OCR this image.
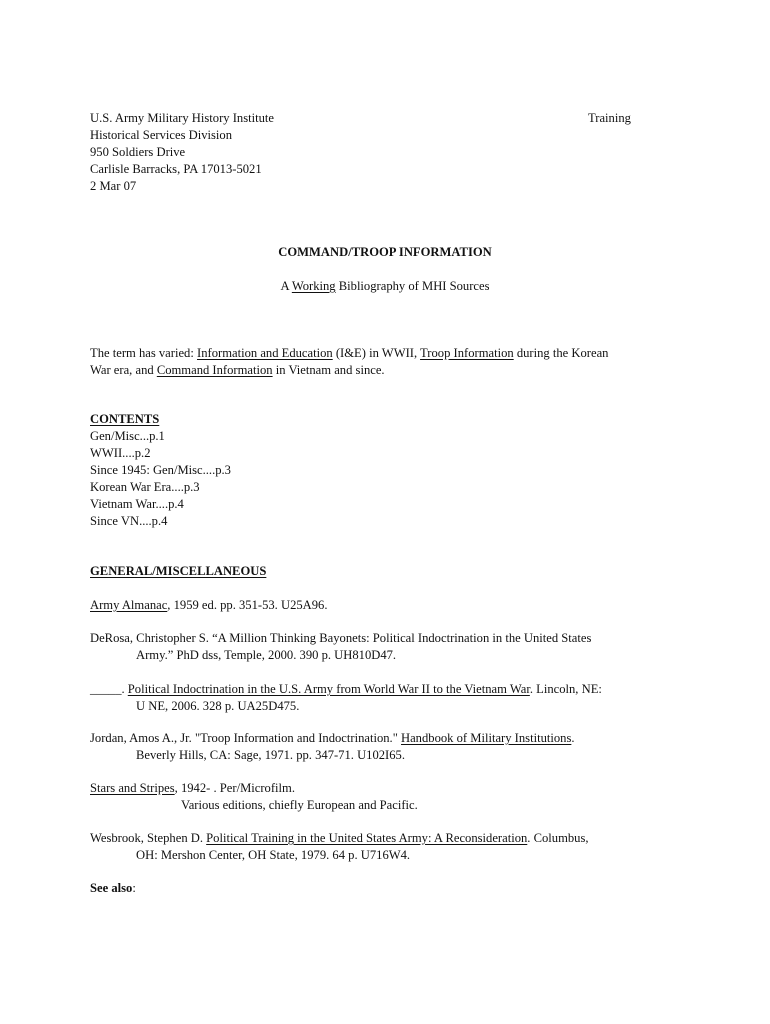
U.S. Army Military History Institute
Historical Services Division
950 Soldiers Drive
Carlisle Barracks, PA 17013-5021
2 Mar 07
Training
COMMAND/TROOP INFORMATION
A Working Bibliography of MHI Sources
The term has varied: Information and Education (I&E) in WWII, Troop Information during the Korean
War era, and Command Information in Vietnam and since.
CONTENTS
Gen/Misc...p.1
WWII....p.2
Since 1945: Gen/Misc....p.3
Korean War Era....p.3
Vietnam War....p.4
Since VN....p.4
GENERAL/MISCELLANEOUS
Army Almanac, 1959 ed. pp. 351-53. U25A96.
DeRosa, Christopher S. “A Million Thinking Bayonets: Political Indoctrination in the United States
Army.” PhD dss, Temple, 2000. 390 p. UH810D47.
_____. Political Indoctrination in the U.S. Army from World War II to the Vietnam War. Lincoln, NE:
U NE, 2006. 328 p. UA25D475.
Jordan, Amos A., Jr. "Troop Information and Indoctrination." Handbook of Military Institutions.
Beverly Hills, CA: Sage, 1971. pp. 347-71. U102I65.
Stars and Stripes, 1942- . Per/Microfilm.
Various editions, chiefly European and Pacific.
Wesbrook, Stephen D. Political Training in the United States Army: A Reconsideration. Columbus,
OH: Mershon Center, OH State, 1979. 64 p. U716W4.
See also:
